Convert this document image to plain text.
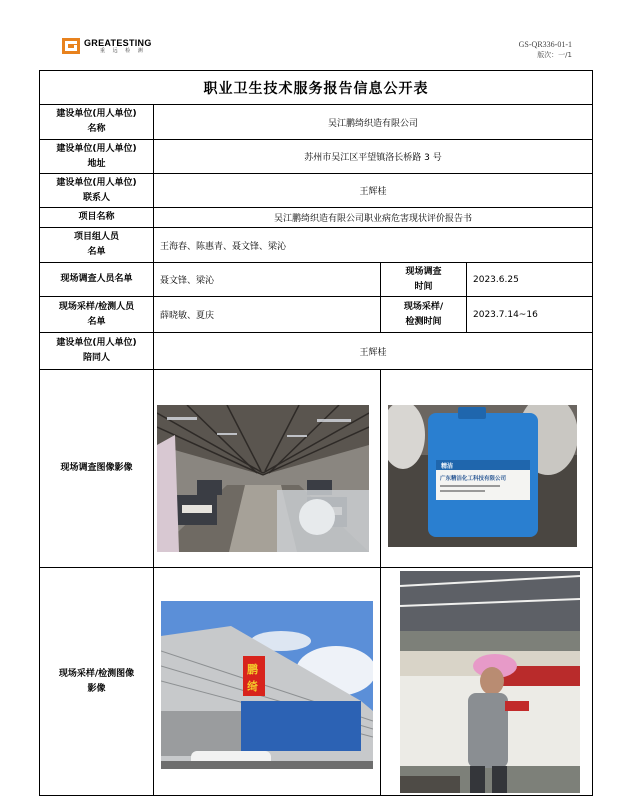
GREATESTING
重 远 检 测
GS-QR336-01-1
版次：一/1
职业卫生技术服务报告信息公开表			
建设单位(用人单位)
名称	吴江鹏绮织造有限公司		
建设单位(用人单位)
地址	苏州市吴江区平望镇洛长桥路 3 号		
建设单位(用人单位)
联系人	王辉桂		
项目名称	吴江鹏绮织造有限公司职业病危害现状评价报告书		
项目组人员
名单	王海春、陈惠青、聂文锋、梁沁		
现场调查人员名单	聂文锋、梁沁	现场调查
时间	2023.6.25
现场采样/检测人员
名单	薛晓敏、夏庆	现场采样/
检测时间	2023.7.14~16
建设单位(用人单位)
陪同人	王辉桂		
现场调查图像影像		精洁
广东精洁化工科技有限公司	

现场采样/检测图像
影像	鹏
绮
